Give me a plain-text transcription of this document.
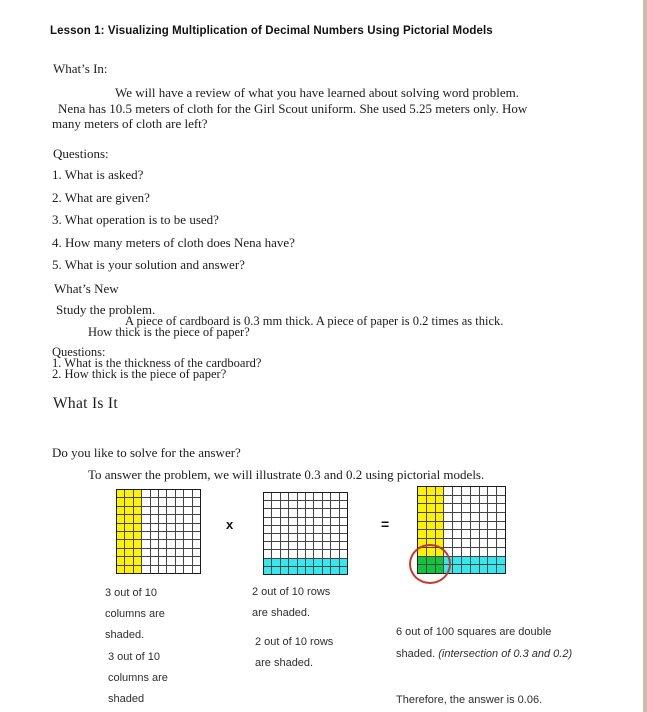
Lesson 1: Visualizing Multiplication of Decimal Numbers Using Pictorial Models
What’s In:
We will have a review of what you have learned about solving word problem.
Nena has 10.5 meters of cloth for the Girl Scout uniform. She used 5.25 meters only. How
many meters of cloth are left?
Questions:

1. What is asked?

2. What are given?

3. What operation is to be used?

4. How many meters of cloth does Nena have?

5. What is your solution and answer?

What’s New
Study the problem.
A piece of cardboard is 0.3 mm thick. A piece of paper is 0.2 times as thick.
How thick is the piece of paper?

Questions:

1. What is the thickness of the cardboard?

2. How thick is the piece of paper?

What Is It
Do you like to solve for the answer?
To answer the problem, we will illustrate 0.3 and 0.2 using pictorial models.
x	=
3 out of 10 columns are shaded.
3 out of 10 columns are shaded
2 out of 10 rows are shaded.
2 out of 10 rows are shaded.
6 out of 100 squares are double shaded. (intersection of 0.3 and 0.2)
Therefore, the answer is 0.06.
